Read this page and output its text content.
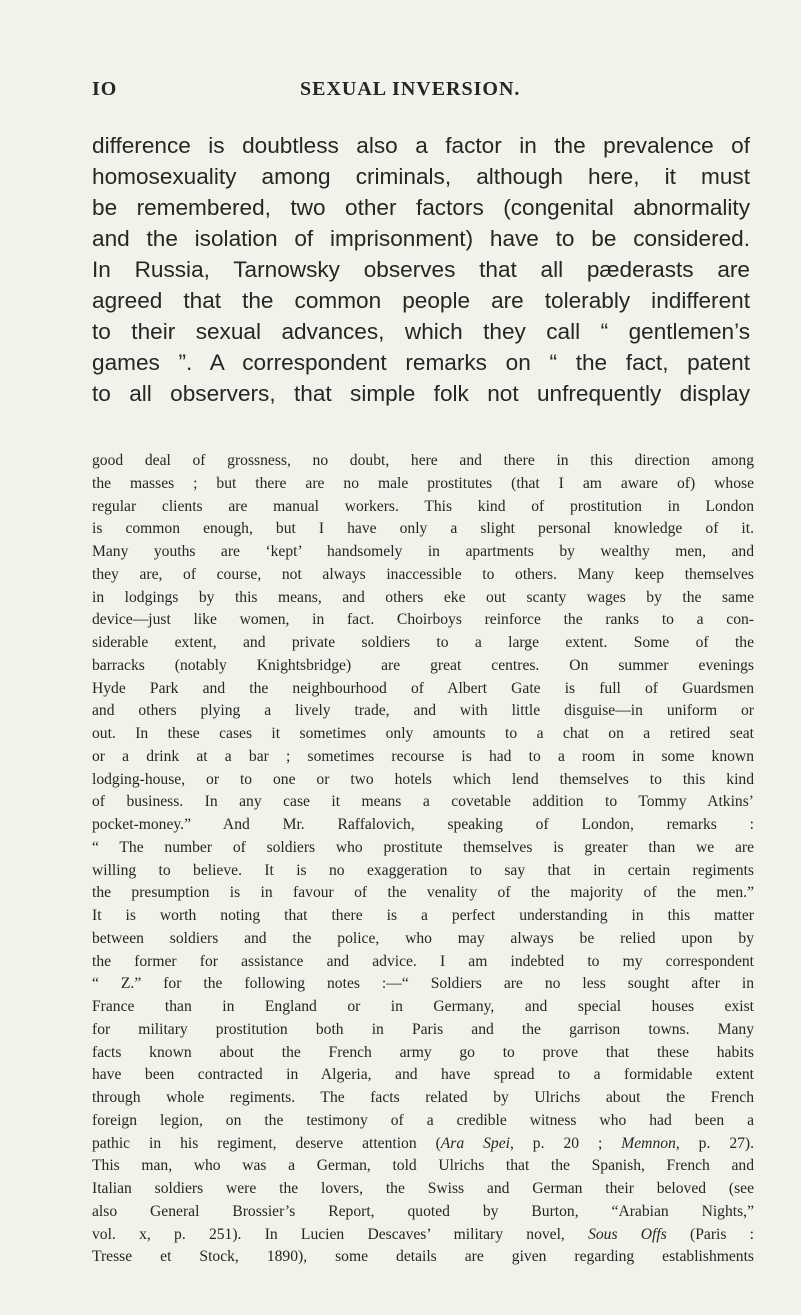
IO	SEXUAL INVERSION.
difference is doubtless also a factor in the prevalence of
homosexuality among criminals, although here, it must
be remembered, two other factors (congenital abnormality
and the isolation of imprisonment) have to be considered.
In Russia, Tarnowsky observes that all pæderasts are
agreed that the common people are tolerably indifferent
to their sexual advances, which they call “ gentlemen’s
games ”. A correspondent remarks on “ the fact, patent
to all observers, that simple folk not unfrequently display
good deal of grossness, no doubt, here and there in this direction among
the masses ; but there are no male prostitutes (that I am aware of) whose
regular clients are manual workers. This kind of prostitution in London
is common enough, but I have only a slight personal knowledge of it.
Many youths are ‘kept’ handsomely in apartments by wealthy men, and
they are, of course, not always inaccessible to others. Many keep themselves
in lodgings by this means, and others eke out scanty wages by the same
device—just like women, in fact. Choirboys reinforce the ranks to a con-
siderable extent, and private soldiers to a large extent. Some of the
barracks (notably Knightsbridge) are great centres. On summer evenings
Hyde Park and the neighbourhood of Albert Gate is full of Guardsmen
and others plying a lively trade, and with little disguise—in uniform or
out. In these cases it sometimes only amounts to a chat on a retired seat
or a drink at a bar ; sometimes recourse is had to a room in some known
lodging-house, or to one or two hotels which lend themselves to this kind
of business. In any case it means a covetable addition to Tommy Atkins’
pocket-money.” And Mr. Raffalovich, speaking of London, remarks :
“ The number of soldiers who prostitute themselves is greater than we are
willing to believe. It is no exaggeration to say that in certain regiments
the presumption is in favour of the venality of the majority of the men.”
It is worth noting that there is a perfect understanding in this matter
between soldiers and the police, who may always be relied upon by
the former for assistance and advice. I am indebted to my correspondent
“ Z.” for the following notes :—“ Soldiers are no less sought after in
France than in England or in Germany, and special houses exist
for military prostitution both in Paris and the garrison towns. Many
facts known about the French army go to prove that these habits
have been contracted in Algeria, and have spread to a formidable extent
through whole regiments. The facts related by Ulrichs about the French
foreign legion, on the testimony of a credible witness who had been a
pathic in his regiment, deserve attention (Ara Spei, p. 20 ; Memnon, p. 27).
This man, who was a German, told Ulrichs that the Spanish, French and
Italian soldiers were the lovers, the Swiss and German their beloved (see
also General Brossier’s Report, quoted by Burton, “Arabian Nights,”
vol. x, p. 251). In Lucien Descaves’ military novel, Sous Offs (Paris :
Tresse et Stock, 1890), some details are given regarding establishments
